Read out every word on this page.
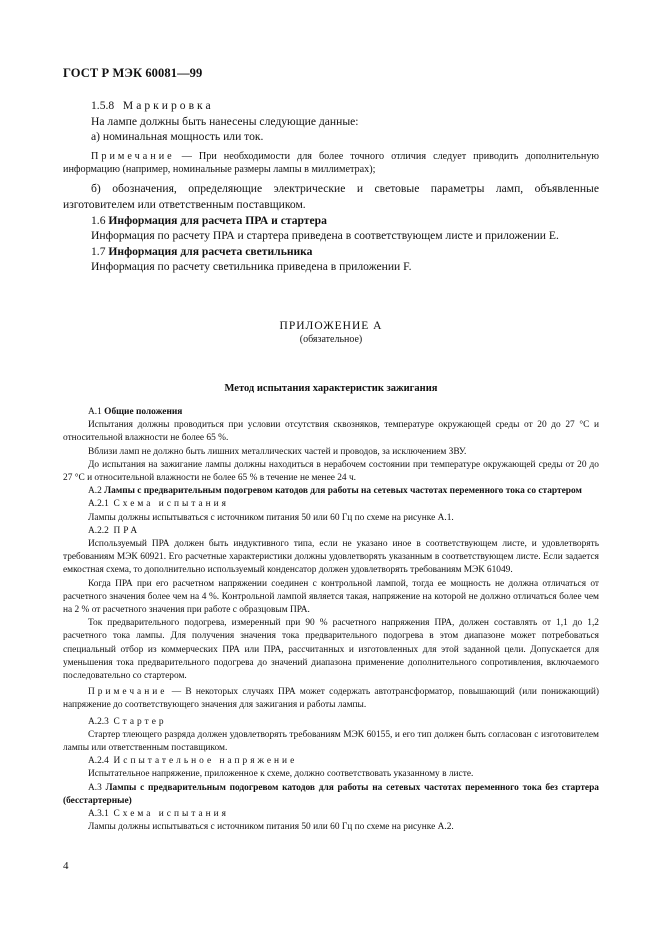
ГОСТ Р МЭК 60081—99

1.5.8 Маркировка

На лампе должны быть нанесены следующие данные:

а) номинальная мощность или ток.

Примечание — При необходимости для более точного отличия следует приводить дополнительную информацию (например, номинальные размеры лампы в миллиметрах);

б) обозначения, определяющие электрические и световые параметры ламп, объявленные изготовителем или ответственным поставщиком.

1.6 Информация для расчета ПРА и стартера

Информация по расчету ПРА и стартера приведена в соответствующем листе и приложении E.

1.7 Информация для расчета светильника

Информация по расчету светильника приведена в приложении F.

ПРИЛОЖЕНИЕ А
(обязательное)
Метод испытания характеристик зажигания

А.1 Общие положения

Испытания должны проводиться при условии отсутствия сквозняков, температуре окружающей среды от 20 до 27 °С и относительной влажности не более 65 %.

Вблизи ламп не должно быть лишних металлических частей и проводов, за исключением ЗВУ.

До испытания на зажигание лампы должны находиться в нерабочем состоянии при температуре окружающей среды от 20 до 27 °С и относительной влажности не более 65 % в течение не менее 24 ч.

А.2 Лампы с предварительным подогревом катодов для работы на сетевых частотах переменного тока со стартером

А.2.1 Схема испытания

Лампы должны испытываться с источником питания 50 или 60 Гц по схеме на рисунке А.1.

А.2.2 ПРА

Используемый ПРА должен быть индуктивного типа, если не указано иное в соответствующем листе, и удовлетворять требованиям МЭК 60921. Его расчетные характеристики должны удовлетворять указанным в соответствующем листе. Если задается емкостная схема, то дополнительно используемый конденсатор должен удовлетворять требованиям МЭК 61049.

Когда ПРА при его расчетном напряжении соединен с контрольной лампой, тогда ее мощность не должна отличаться от расчетного значения более чем на 4 %. Контрольной лампой является такая, напряжение на которой не должно отличаться более чем на 2 % от расчетного значения при работе с образцовым ПРА.

Ток предварительного подогрева, измеренный при 90 % расчетного напряжения ПРА, должен составлять от 1,1 до 1,2 расчетного тока лампы. Для получения значения тока предварительного подогрева в этом диапазоне может потребоваться специальный отбор из коммерческих ПРА или ПРА, рассчитанных и изготовленных для этой заданной цели. Допускается для уменьшения тока предварительного подогрева до значений диапазона применение дополнительного сопротивления, включаемого последовательно со стартером.

Примечание — В некоторых случаях ПРА может содержать автотрансформатор, повышающий (или понижающий) напряжение до соответствующего значения для зажигания и работы лампы.

А.2.3 Стартер

Стартер тлеющего разряда должен удовлетворять требованиям МЭК 60155, и его тип должен быть согласован с изготовителем лампы или ответственным поставщиком.

А.2.4 Испытательное напряжение

Испытательное напряжение, приложенное к схеме, должно соответствовать указанному в листе.

А.3 Лампы с предварительным подогревом катодов для работы на сетевых частотах переменного тока без стартера (бесстартерные)

А.3.1 Схема испытания

Лампы должны испытываться с источником питания 50 или 60 Гц по схеме на рисунке А.2.

4
